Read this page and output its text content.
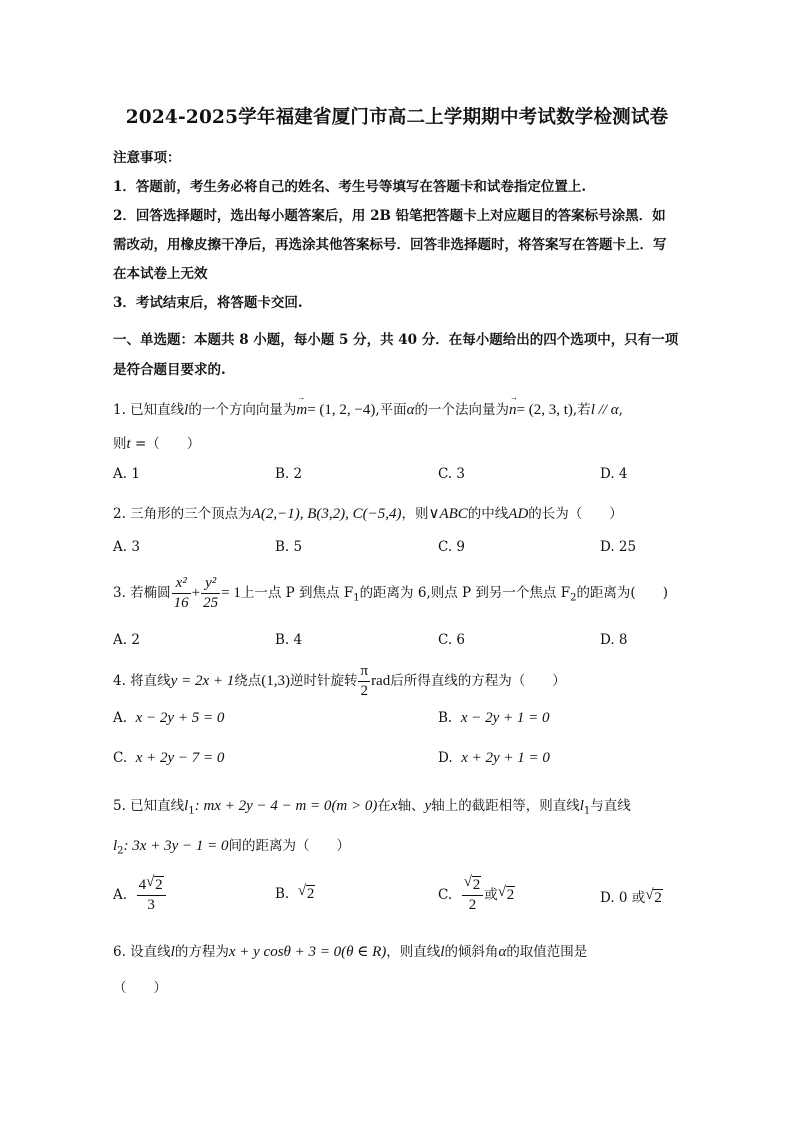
2024-2025学年福建省厦门市高二上学期期中考试数学检测试卷
注意事项：
1．答题前，考生务必将自己的姓名、考生号等填写在答题卡和试卷指定位置上.
2．回答选择题时，选出每小题答案后，用 2B 铅笔把答题卡上对应题目的答案标号涂黑．如
需改动，用橡皮擦干净后，再选涂其他答案标号．回答非选择题时，将答案写在答题卡上．写
在本试卷上无效
3．考试结束后，将答题卡交回.
一、单选题：本题共 8 小题，每小题 5 分，共 40 分．在每小题给出的四个选项中，只有一项
是符合题目要求的.
1. 已知直线l的一个方向向量为
→
m= (1, 2, −4),平面α的一个法向量为
→
n= (2, 3, t),若l // α,
则t =（　　）
A. 1	B. 2	C. 3	D. 4
2. 三角形的三个顶点为A(2,−1), B(3,2), C(−5,4)，则∨ABC的中线AD的长为（　　）
A. 3	B. 5	C. 9	D. 25
3. 若椭圆 $\frac{\text{x²}}{16} + \frac{\text{y²}}{25} = 1$上一点 P 到焦点 $F_1$的距离为 6,则点 P 到另一个焦点 $F_2$的距离为(　　)
A. 2	B. 4	C. 6	D. 8
4. 将直线y = 2x + 1绕点(1,3)逆时针旋转 $\frac{\pi}{2}$ rad后所得直线的方程为（　　）
A. x − 2y + 5 = 0	B. x − 2y + 1 = 0
C. x + 2y − 7 = 0	D. x + 2y + 1 = 0
5. 已知直线$l_1$: mx + 2y − 4 − m = 0(m > 0)在x轴、y轴上的截距相等，则直线$l_1$与直线
$l_2$: 3x + 3y − 1 = 0间的距离为（　　）
A. $\frac{4 √ 2}{3}$	B. √ 2	C. $\frac{√ 2}{2}$ 或 √ 2	D. 0 或 √ 2
6. 设直线l的方程为x + y cosθ + 3 = 0(θ ∈ R)，则直线l的倾斜角α的取值范围是
（　　）
